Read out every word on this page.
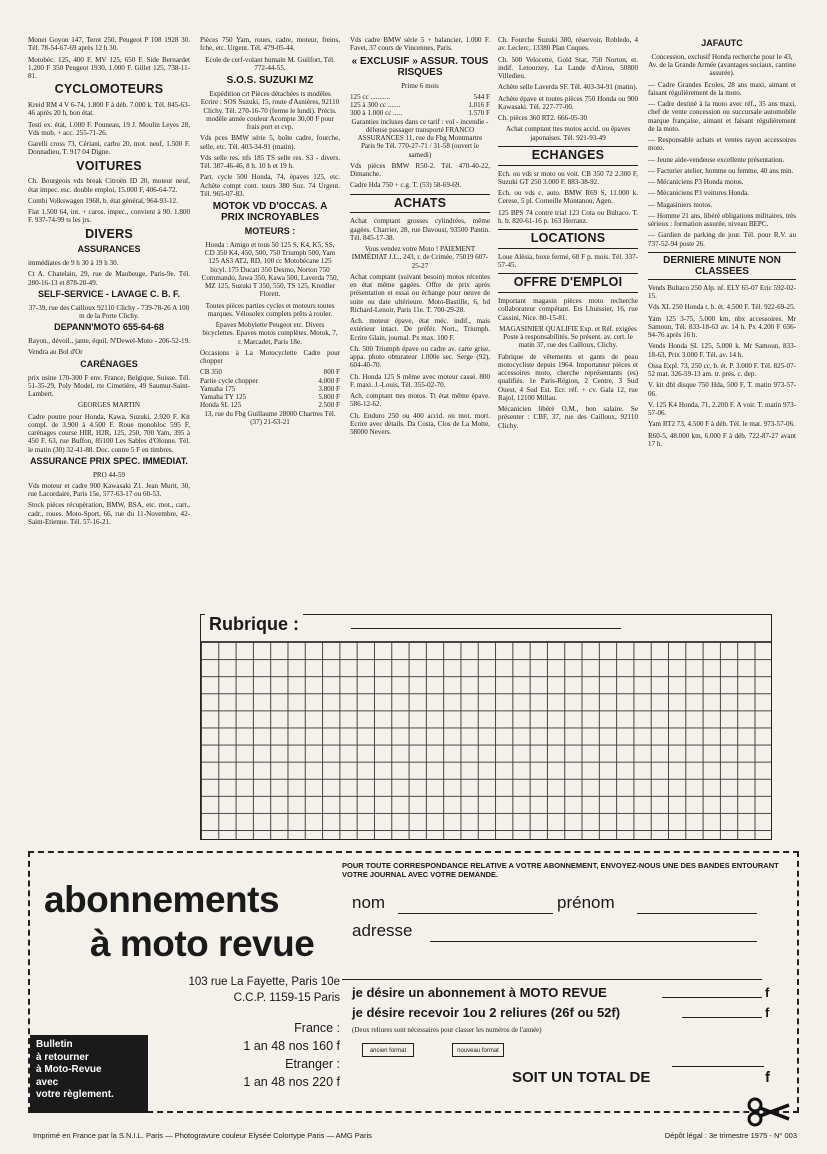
Monet Goyon 147, Terot 250, Peugeot P 108 1928 30. Tél. 78-54-67-69 après 12 h 30.

Motobéc. 125, 400 F. MV 125, 650 F. Side Bernardet 1.200 F 350 Peugeot 1930, 1.000 F. Gillet 125, 738-11-81.

CYCLOMOTEURS

Kreid RM 4 V 6-74, 1.800 F à déb. 7.000 k. Tél. 845-63-46 après 20 h, bon état.

Testi ex. état, 1.000 F. Pouneau, 19 J. Moulin Leyes 28, Vds mob. + acc. 255-71-26.

Garelli cross 73, Cériani, carbu 20, mot. neuf, 1.500 F. Donnadieu, T. 917 04 Digne.

VOITURES

Ch. Bourgeois vds break Citroën ID 20, moteur neuf, état impec. esc. double emploi, 15.000 F, 406-64-72.

Combi Volkswagen 1968, b. état général, 964-93-12.

Fiat 1.500 64, int. + caros. impec., convient à 90. 1.800 F. 937-74-99 ts les jrs.

DIVERS
ASSURANCES

immédiates de 9 h 30 à 19 h 30.

Ct A. Chatelain, 29, rue de Maubeuge, Paris-9e. Tél. 280-16-13 et 878-20-49.

SELF-SERVICE - LAVAGE C. B. F.

37-39, rue des Cailloux 92110 Clichy - 739-78-26 A 100 m de la Porte Clichy.

DEPANN'MOTO 655-64-68

Rayon., dévoil., jante, équil. N'Dewel-Moto - 206-52-19.

Vendra au Bol d'Or

CARÉNAGES

prix usine 170-300 F env. France, Belgique, Suisse. Tél. 51-35-29, Poly Model, rte Cimetière, 49 Saumur-Saint-Lambert.

GEORGES MARTIN

Cadre poutre pour Honda, Kawa, Suzuki, 2.920 F. Kit compl. de 3.900 à 4.500 F. Roue monobloc 595 F, carénages course HIR, H2R, 125, 250, 700 Yam, 395 à 450 F. 63, rue Buffon, 85100 Les Sables d'Olonne. Tél. le matin (30) 32-41-88. Doc. contre 5 F en timbres.

ASSURANCE PRIX SPEC. IMMEDIAT.

PRO 44-59

Vds moteur et cadre 900 Kawasaki Z1. Jean Murit, 30, rue Lacordaire, Paris 15e, 577-63-17 ou 60-53.

Stock pièces récupération, BMW, BSA, etc. mot., cart., cadr., roues. Moto-Sport, 66, rue du 11-Novembre, 42-Saint-Etienne. Tél. 57-16-21.

Pièces 750 Yam, roues, cadre, moteur, freins, fche, etc. Urgent. Tél. 479-05-44.

Ecole de cerf-volant humain M. Guilfort, Tél. 772-44-55.

S.O.S. SUZUKI MZ

Expédition crt Pièces détachées ts modèles Ecrire : SOS Suzuki, 15, route d'Asnières, 92110 Clichy. Tél. 270-16-70 (ferme le lundi). Précis. modèle année couleur Acompte 30,00 F pour frais port et cvp.

Vds pces BMW série 5, boîte cadre, fourche, selle, etc. Tél. 403-34-91 (matin).

Vds selle res. nfs 185 TS selle res. S3 - divers. Tél. 387-46-46, 8 h. 10 h et 19 h.

Part. cycle 500 Honda, 74, épaves 125, etc. Achète compt cont. tours 380 Suz. 74 Urgent. Tél. 965-07-83.

MOTOK VD D'OCCAS. A PRIX INCROYABLES
MOTEURS :

Honda : Amigo et tous 50 125 S, K4, K5, SS, CD 350 K4, 450, 500, 750 Triumph 500, Yam 125 AS3 AT2, RD, 100 cc Motobécane 125 bicyl. 175 Ducati 350 Desmo, Norton 750 Commando, Jawa 350, Kawa 500, Laverda 750, MZ 125, Suzuki T 350, 550, TS 125, Kreidler Florett.

Toutes pièces parties cycles et moteurs toutes marques. Vélosolex complets prêts à rouler.

Epaves Mobylette Peugeot etc. Divers bicyclettes. Epaves motos complètes. Motok, 7, r. Marcadet, Paris 18e.

Occasions à La Motocyclette Cadre pour chopper

CB 350	800 F
Partie cycle chopper	4.000 F
Yamaha 175	3.800 F
Yamaha TY 125	5.800 F
Honda SL 125	2.500 F

13, rue du Fbg Guillaume 28000 Chartres Tél. (37) 21-63-21

Vds cadre BMW série 5 + balancier, 1.000 F. Favet, 37 cours de Vincennes, Paris.

« EXCLUSIF » ASSUR. TOUS RISQUES

Prime 6 mois

125 cc ...........	544 F
125 à 300 cc .......	1.016 F
300 à 1.000 cc .....	1.570 F

Garanties incluses dans ce tarif : vol - incendie - défense passager transporté FRANCO ASSURANCES 11, rue du Fbg Montmartre Paris 9e Tél. 770-27-71 / 31-58 (ouvert le samedi)

Vds pièces BMW R50-2. Tél. 470-40-22, Dimanche.

Cadre Hda 750 + c.g. T. (53) 58-69-69.

ACHATS

Achat comptant grosses cylindrées, même gagées. Charrier, 28, rue Davoust, 93500 Pantin. Tél. 845-17-38.

Vous vendez votre Moto ! PAIEMENT IMMÉDIAT J.L., 243, r. de Crimée, 75019 607-25-27

Achat comptant (suivant besoin) motos récentes en état même gagées. Offre de prix après présentation et essai ou échange pour neuve de suite ou date ultérieure. Moto-Bastille, 6, bd Richard-Lenoir, Paris 11e. T. 700-29-28.

Ach. moteur épave, état méc. indif., mais extérieur intact. De préfér. Nort., Triumph. Ecrire Glain, journal. Px max. 100 F.

Ch. 500 Triumph épave ou cadre av. carte grise, appa. photo obturateur 1.000e sec. Serge (92), 604-40-70.

Ch. Honda 125 S même avec moteur cassé. 800 F. maxi. J.-Louis, Tél. 355-02-70.

Ach. comptant ttes motos. Tt état même épave. 586-12-62.

Ch. Enduro 250 ou 400 accid. ou mot. mort. Ecrire avec détails. Da Costa, Clos de La Motte, 58000 Nevers.

Ch. Fourche Suzuki 380, réservoir, Robledo, 4 av. Leclerc, 13380 Plan Cuques.

Ch. 500 Velocette, Gold Star, 750 Norton, et. indif. Letourzey, La Lande d'Airou, 50800 Villedieu.

Achète selle Laverda SF. Tél. 403-34-91 (matin).

Achète épave et toutes pièces 750 Honda ou 900 Kawasaki. Tél. 227-77-00.

Ch. pièces 360 RT2. 666-05-30

Achat comptant ttes motos accid. ou épaves japonaises. Tél. 921-93-49

ECHANGES

Ech. ou vds sr moto ou voit. CB 350 72 2.300 F, Suzuki GT 250 3.000 F. 883-38-92.

Ech. ou vds c. auto. BMW R69 S, 11.000 k. Cerese, 5 pl. Corneille Montanou, Agen.

125 BPS 74 contre trial 123 Cota ou Bultaco. T. h. b. 820-61-16 p. 163 Herranz.

LOCATIONS

Loue Alésia, boxe fermé, 60 F p. mois. Tél. 337-57-45.

OFFRE D'EMPLOI

Important magasin pièces moto recherche collaborateur compétant. Ets Lhuissier, 16, rue Cassini, Nice. 80-15-81.

MAGASINIER QUALIFIE Exp. et Réf. exigées Poste à responsabilités. Se présent. av. cert. le matin 37, rue des Cailloux, Clichy.

Fabrique de vêtements et gants de peau motocycliste depuis 1964. Importateur pièces et accessoires moto, cherche représentants (es) qualifiés. 1e Paris-Région, 2 Centre, 3 Sud Ouest, 4 Sud Est. Ecr. réf. + cv. Gala 12, rue Rajol, 12100 Millau.

Mécanicien libéré O.M., bon salaire. Se présenter : CBF, 37, rue des Cailloux, 92110 Clichy.

JAFAUTC

Concession, exclusif Honda recherche pour le 43, Av. de la Grande Armée (avantages sociaux, cantine assurée).

— Cadre Grandes Ecoles, 28 ans maxi, aimant et faisant régulièrement de la moto.

— Cadre destiné à la moto avec réf., 35 ans maxi, chef de vente concession ou succursale automobile marque française, aimant et faisant régulièrement de la moto.

— Responsable achats et ventes rayon accessoires moto.

— Jeune aide-vendeuse excellente présentation.

— Facturier atelier, homme ou femme, 40 ans min.

— Mécaniciens P3 Honda motos.

— Mécaniciens P3 voitures Honda.

— Magasiniers motos.

— Homme 21 ans, libéré obligations militaires, très sérieux : formation assurée, niveau BEPC.

— Gardien de parking de jour. Tél. pour R.V. au 737-52-94 poste 26.

DERNIERE MINUTE NON CLASSEES

Vends Bultaco 250 Alp. nf. ELY 65-07 Eric 592-02-15.

Vds XL 250 Honda t. b. ét. 4.500 F. Tél. 922-69-25.

Yam 125 3-75, 5.000 km, nbx accessoires. Mr Samoun, Tél. 833-18-63 av. 14 h. Px 4.200 F 636-94-76 après 16 h.

Vends Honda SL 125, 5.000 k. Mr Samoun, 833-18-63, Prix 3.000 F. Tél. av. 14 h.

Ossa Expl. 73, 250 cc, b. ét. P. 3.000 F. Tél. 825-07-52 mat. 326-59-13 am. tr. prés. c. dep.

V. kit dbl disque 750 Hda, 500 F, T. matin 973-57-06.

V. 125 K4 Honda, 71, 2.200 F. A voir. T. matin 973-57-06.

Yam RT2 73, 4.500 F à déb. Tél. le mat. 973-57-06.

R60-5, 48.000 km, 6.000 F à déb. 722-87-27 avant 17 h.

Rubrique :
abonnements
à moto revue
103 rue La Fayette, Paris 10e
C.C.P. 1159-15 Paris
France :
1 an 48 nos 160 f
Etranger :
1 an 48 nos 220 f
Bulletin
à retourner
à Moto-Revue
avec
votre règlement.
POUR TOUTE CORRESPONDANCE RELATIVE A VOTRE ABONNEMENT, ENVOYEZ-NOUS UNE DES BANDES ENTOURANT VOTRE JOURNAL AVEC VOTRE DEMANDE.
nom	prénom
adresse
je désire un abonnement à MOTO REVUE	f
je désire recevoir 1ou 2 reliures (26f ou 52f)	f
(Deux reliures sont nécessaires pour classer les numéros de l'année)
ancien format	nouveau format
SOIT UN TOTAL DE	f
Imprimé en France par la S.N.I.L. Paris — Photogravure couleur Elysée Colortype Paris — AMG Paris	Dépôt légal : 3e trimestre 1975 - N° 003
